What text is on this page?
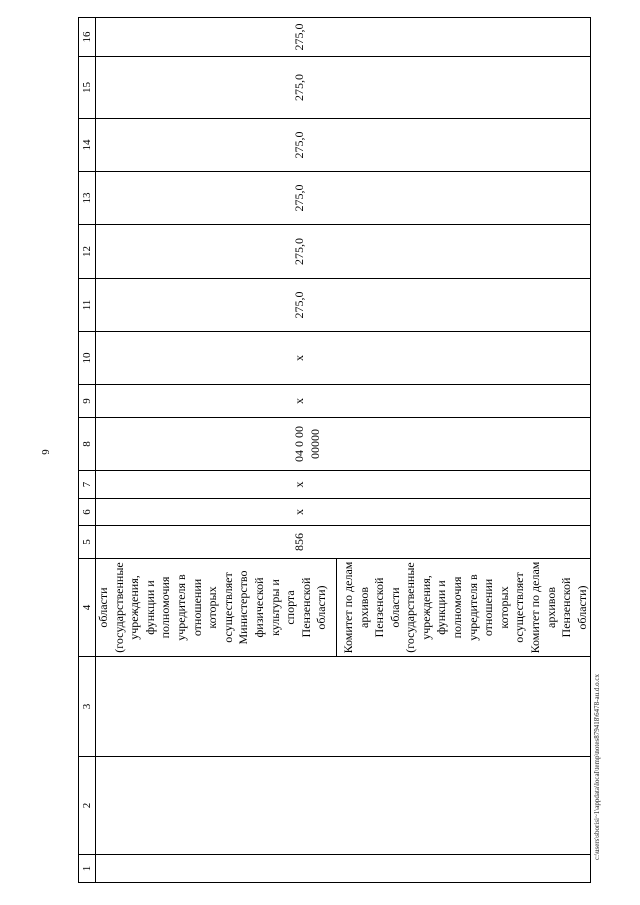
6
1	2	3	4	5	6	7	8	9	10	11	12	13	14	15	16

			области (государственные учреждения, функции и полномочия учредителя в отношении которых осуществляет Министерство физической культуры и спорта Пензенской области) Комитет по делам архивов Пензенской области (государственные учреждения, функции и полномочия учредителя в отношении которых осуществляет Комитет по делам архивов Пензенской области)	856	x	x	04 0 00 00000	x	x	275,0	275,0	275,0	275,0	275,0	275,0
c:\users\sborisi~1\appdata\local\temp\notes879418\6478-au.d.o.cx
